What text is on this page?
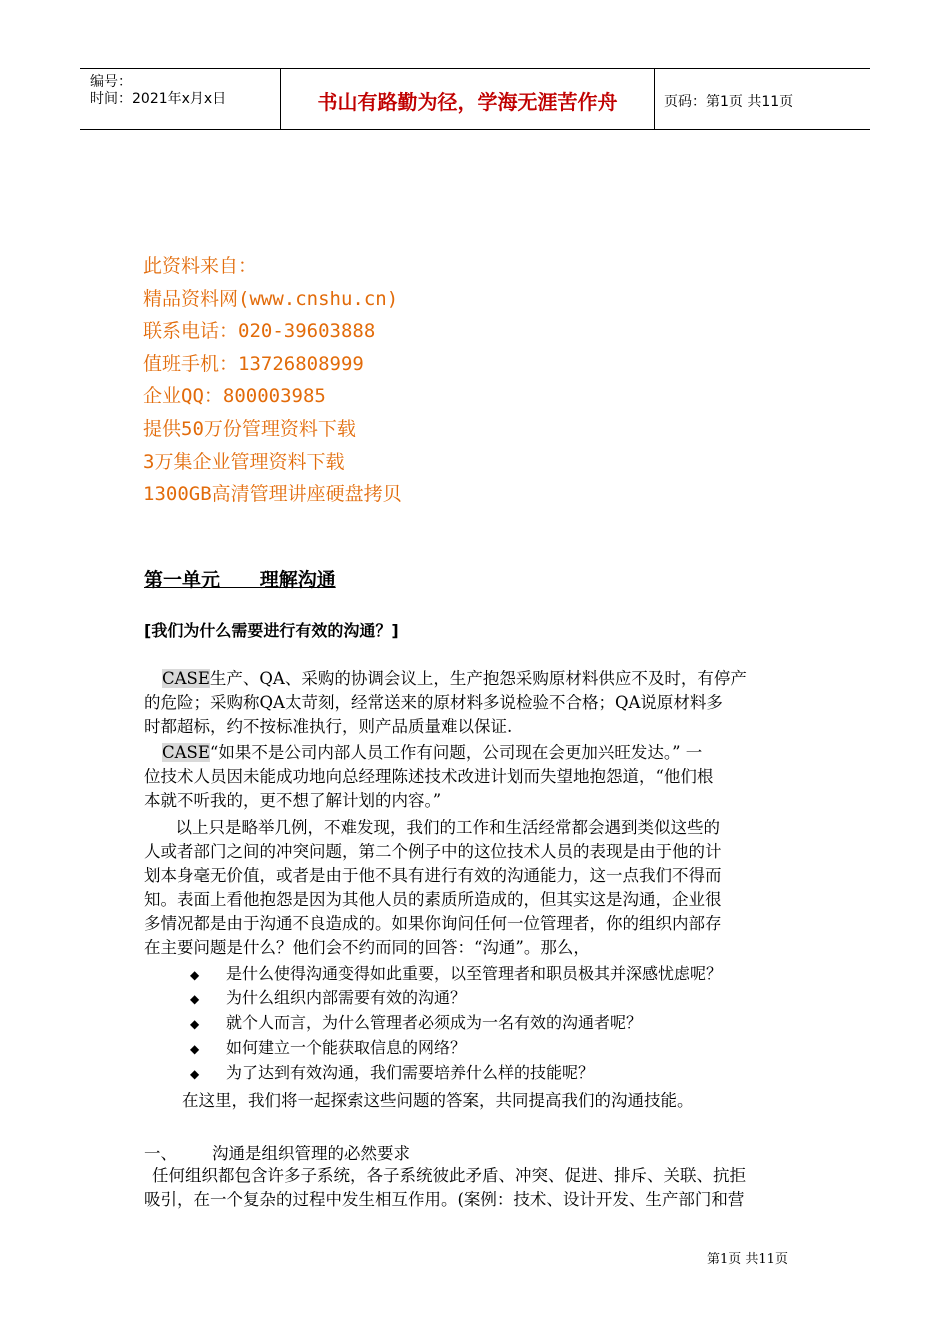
编号：
时间：2021年x月x日	书山有路勤为径，学海无涯苦作舟	页码：第1页 共11页
此资料来自：
精品资料网(www.cnshu.cn)
联系电话：020-39603888
值班手机：13726808999
企业QQ：800003985
提供50万份管理资料下载
3万集企业管理资料下载
1300GB高清管理讲座硬盘拷贝
第一单元      理解沟通
[我们为什么需要进行有效的沟通？]
CASE生产、QA、采购的协调会议上，生产抱怨采购原材料供应不及时，有停产
的危险；采购称QA太苛刻，经常送来的原材料多说检验不合格；QA说原材料多
时都超标，约不按标准执行，则产品质量难以保证.
CASE“如果不是公司内部人员工作有问题，公司现在会更加兴旺发达。” 一
位技术人员因未能成功地向总经理陈述技术改进计划而失望地抱怨道，“他们根
本就不听我的，更不想了解计划的内容。”
以上只是略举几例，不难发现，我们的工作和生活经常都会遇到类似这些的
人或者部门之间的冲突问题，第二个例子中的这位技术人员的表现是由于他的计
划本身毫无价值，或者是由于他不具有进行有效的沟通能力，这一点我们不得而
知。表面上看他抱怨是因为其他人员的素质所造成的，但其实这是沟通，企业很
多情况都是由于沟通不良造成的。如果你询问任何一位管理者，你的组织内部存
在主要问题是什么？他们会不约而同的回答：“沟通”。那么，
◆ 是什么使得沟通变得如此重要，以至管理者和职员极其并深感忧虑呢？
◆ 为什么组织内部需要有效的沟通？
◆ 就个人而言，为什么管理者必须成为一名有效的沟通者呢？
◆ 如何建立一个能获取信息的网络？
◆ 为了达到有效沟通，我们需要培养什么样的技能呢？
在这里，我们将一起探索这些问题的答案，共同提高我们的沟通技能。
一、 沟通是组织管理的必然要求
任何组织都包含许多子系统，各子系统彼此矛盾、冲突、促进、排斥、关联、抗拒
吸引，在一个复杂的过程中发生相互作用。(案例：技术、设计开发、生产部门和营
第1页 共11页
